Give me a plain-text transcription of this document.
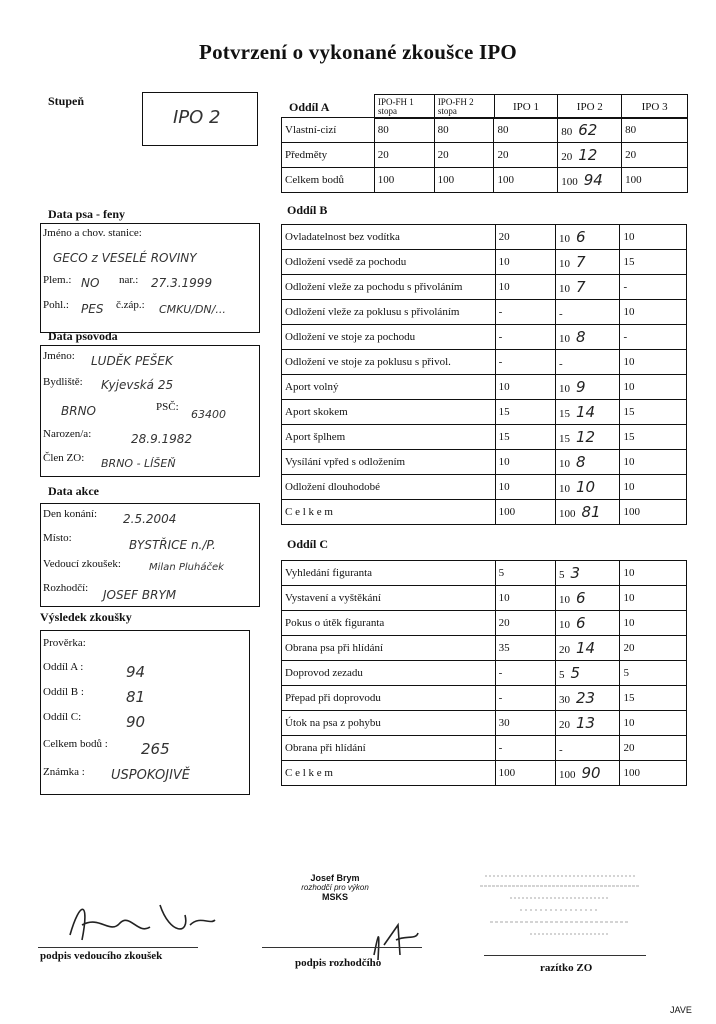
Potvrzení o vykonané zkoušce IPO
Stupeň
IPO 2
Data psa - feny
Jméno a chov. stanice:
GECO z VESELÉ ROVINY
Plem.: NO nar.: 27.3.1999
Pohl.: PES č.záp.: CMKU/DN/...
Data psovoda
Jméno: LUDĚK PEŠEK
Bydliště: Kyjevská 25
BRNO	PSČ:
63400
Narozen/a:	28.9.1982
Člen ZO: BRNO - LÍŠEŇ
Data akce
Den konání: 2.5.2004
Místo:	BYSTŘICE n./P.
Vedoucí zkoušek:	Milan Pluháček
Rozhodčí: JOSEF BRYM
Výsledek zkoušky
Prověrka:
Oddíl A :	94
Oddíl B :	81
Oddíl C:	90
Celkem bodů : 265
Známka : USPOKOJIVĚ
Oddíl A	IPO-FH 1 stopa	IPO-FH 2 stopa	IPO 1	IPO 2	IPO 3
Vlastní-cizí	80	80	80	80 62	80
Předměty	20	20	20	20 12	20
Celkem bodů	100	100	100	100 94	100
Oddíl B
Ovladatelnost bez vodítka	20	10 6	10
Odložení vsedě za pochodu	10	10 7	15
Odložení vleže za pochodu s přivoláním	10	10 7	-
Odložení vleže za poklusu s přivoláním	-	-	10
Odložení ve stoje za pochodu	-	10 8	-
Odložení ve stoje za poklusu s přivol.	-	-	10
Aport volný	10	10 9	10
Aport skokem	15	15 14	15
Aport šplhem	15	15 12	15
Vysílání vpřed s odložením	10	10 8	10
Odložení dlouhodobé	10	10 10	10
C e l k e m	100	100 81	100
Oddíl C
Vyhledání figuranta	5	5 3	10
Vystavení a vyštěkání	10	10 6	10
Pokus o útěk figuranta	20	10 6	10
Obrana psa při hlídání	35	20 14	20
Doprovod zezadu	-	5 5	5
Přepad při doprovodu	-	30 23	15
Útok na psa z pohybu	30	20 13	10
Obrana při hlídání	-	-	20
C e l k e m	100	100 90	100
podpis vedoucího zkoušek
Josef Brym
rozhodčí pro výkon
MSKS
podpis rozhodčího	razítko ZO
JAVE
